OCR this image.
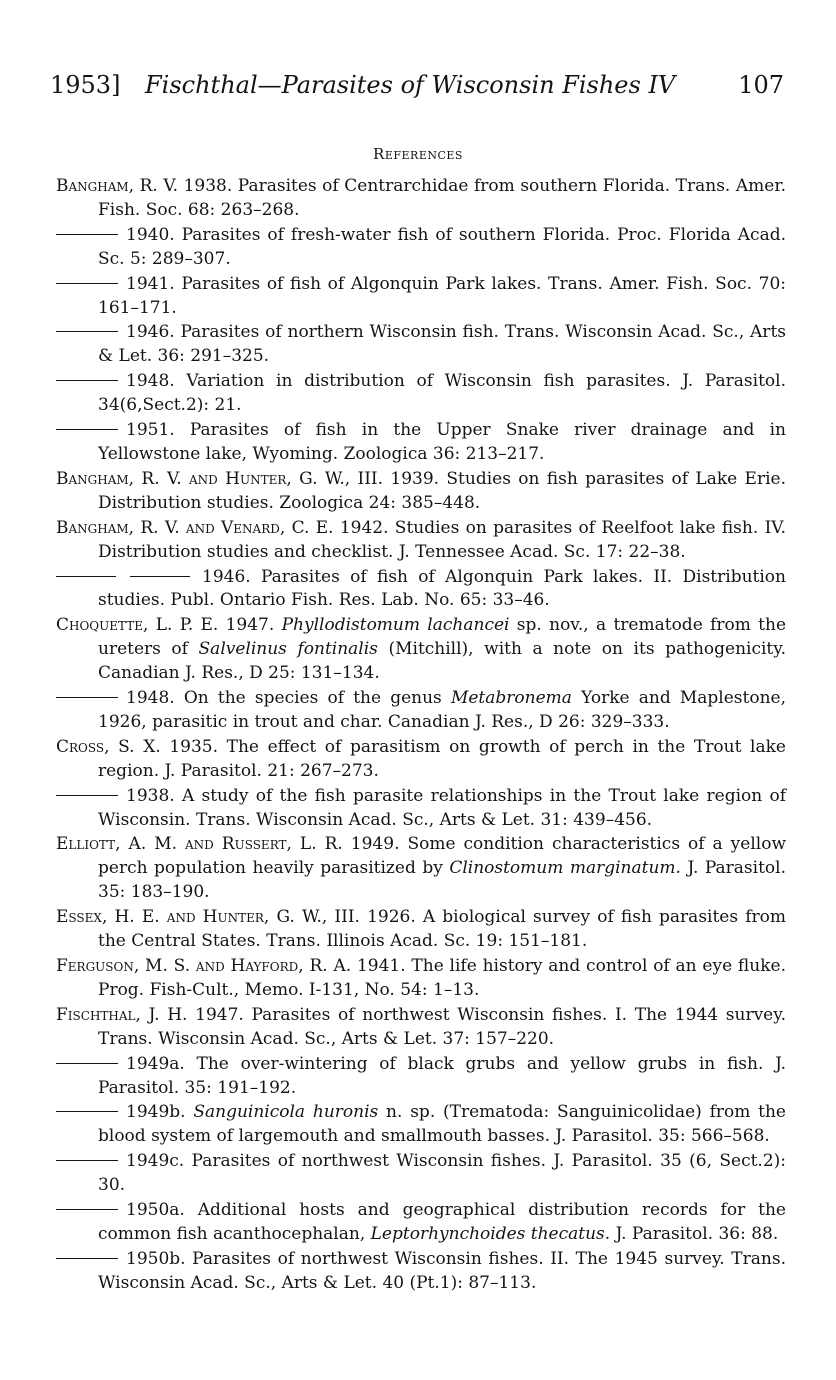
1953] Fischthal—Parasites of Wisconsin Fishes IV	107
References

Bangham, R. V. 1938. Parasites of Centrarchidae from southern Florida. Trans. Amer. Fish. Soc. 68: 263–268.

1940. Parasites of fresh-water fish of southern Florida. Proc. Florida Acad. Sc. 5: 289–307.

1941. Parasites of fish of Algonquin Park lakes. Trans. Amer. Fish. Soc. 70: 161–171.

1946. Parasites of northern Wisconsin fish. Trans. Wisconsin Acad. Sc., Arts & Let. 36: 291–325.

1948. Variation in distribution of Wisconsin fish parasites. J. Parasitol. 34(6,Sect.2): 21.

1951. Parasites of fish in the Upper Snake river drainage and in Yellowstone lake, Wyoming. Zoologica 36: 213–217.

Bangham, R. V. and Hunter, G. W., III. 1939. Studies on fish parasites of Lake Erie. Distribution studies. Zoologica 24: 385–448.

Bangham, R. V. and Venard, C. E. 1942. Studies on parasites of Reelfoot lake fish. IV. Distribution studies and checklist. J. Tennessee Acad. Sc. 17: 22–38.

1946. Parasites of fish of Algonquin Park lakes. II. Distribution studies. Publ. Ontario Fish. Res. Lab. No. 65: 33–46.

Choquette, L. P. E. 1947. Phyllodistomum lachancei sp. nov., a trematode from the ureters of Salvelinus fontinalis (Mitchill), with a note on its pathogenicity. Canadian J. Res., D 25: 131–134.

1948. On the species of the genus Metabronema Yorke and Maplestone, 1926, parasitic in trout and char. Canadian J. Res., D 26: 329–333.

Cross, S. X. 1935. The effect of parasitism on growth of perch in the Trout lake region. J. Parasitol. 21: 267–273.

1938. A study of the fish parasite relationships in the Trout lake region of Wisconsin. Trans. Wisconsin Acad. Sc., Arts & Let. 31: 439–456.

Elliott, A. M. and Russert, L. R. 1949. Some condition characteristics of a yellow perch population heavily parasitized by Clinostomum marginatum. J. Parasitol. 35: 183–190.

Essex, H. E. and Hunter, G. W., III. 1926. A biological survey of fish parasites from the Central States. Trans. Illinois Acad. Sc. 19: 151–181.

Ferguson, M. S. and Hayford, R. A. 1941. The life history and control of an eye fluke. Prog. Fish-Cult., Memo. I-131, No. 54: 1–13.

Fischthal, J. H. 1947. Parasites of northwest Wisconsin fishes. I. The 1944 survey. Trans. Wisconsin Acad. Sc., Arts & Let. 37: 157–220.

1949a. The over-wintering of black grubs and yellow grubs in fish. J. Parasitol. 35: 191–192.

1949b. Sanguinicola huronis n. sp. (Trematoda: Sanguinicolidae) from the blood system of largemouth and smallmouth basses. J. Parasitol. 35: 566–568.

1949c. Parasites of northwest Wisconsin fishes. J. Parasitol. 35 (6, Sect.2): 30.

1950a. Additional hosts and geographical distribution records for the common fish acanthocephalan, Leptorhynchoides thecatus. J. Parasitol. 36: 88.

1950b. Parasites of northwest Wisconsin fishes. II. The 1945 survey. Trans. Wisconsin Acad. Sc., Arts & Let. 40 (Pt.1): 87–113.
